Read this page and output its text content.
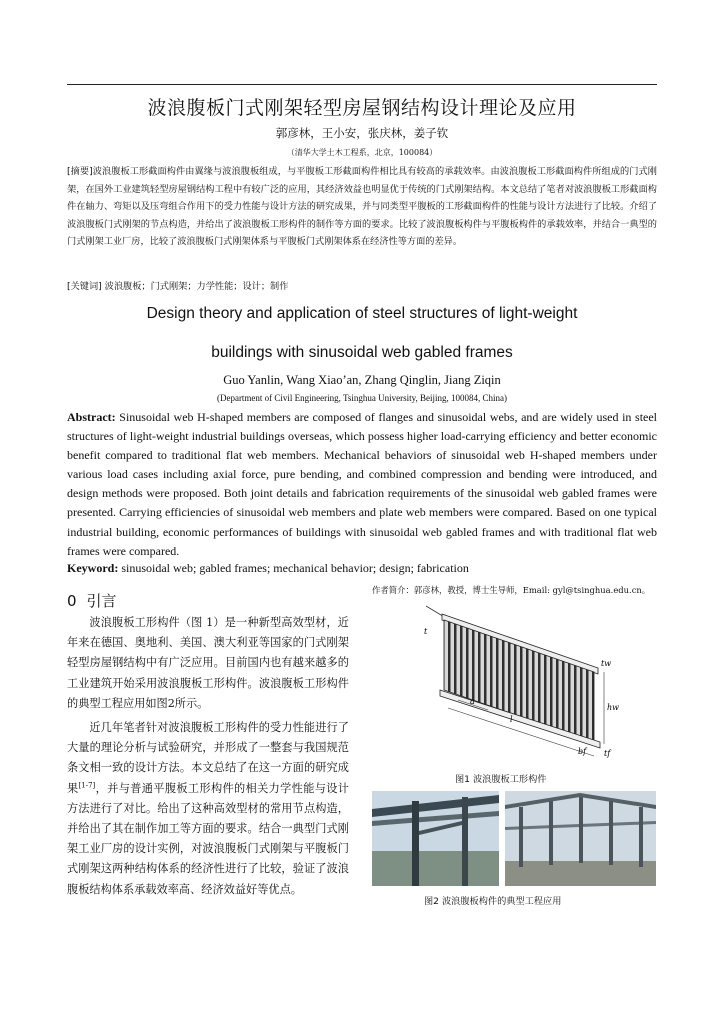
波浪腹板门式刚架轻型房屋钢结构设计理论及应用
郭彦林，王小安，张庆林，姜子钦
（清华大学土木工程系，北京，100084）
[摘要]波浪腹板工形截面构件由翼缘与波浪腹板组成，与平腹板工形截面构件相比具有较高的承载效率。由波浪腹板工形截面构件所组成的门式刚架，在国外工业建筑轻型房屋钢结构工程中有较广泛的应用，其经济效益也明显优于传统的门式刚架结构。本文总结了笔者对波浪腹板工形截面构件在轴力、弯矩以及压弯组合作用下的受力性能与设计方法的研究成果，并与同类型平腹板的工形截面构件的性能与设计方法进行了比较。介绍了波浪腹板门式刚架的节点构造，并给出了波浪腹板工形构件的制作等方面的要求。比较了波浪腹板构件与平腹板构件的承载效率，并结合一典型的门式刚架工业厂房，比较了波浪腹板门式刚架体系与平腹板门式刚架体系在经济性等方面的差异。
[关键词] 波浪腹板；门式刚架；力学性能；设计；制作
Design theory and application of steel structures of light-weight
buildings with sinusoidal web gabled frames
Guo Yanlin, Wang Xiao’an, Zhang Qinglin, Jiang Ziqin
(Department of Civil Engineering, Tsinghua University, Beijing, 100084, China)
Abstract: Sinusoidal web H-shaped members are composed of flanges and sinusoidal webs, and are widely used in steel structures of light-weight industrial buildings overseas, which possess higher load-carrying efficiency and better economic benefit compared to traditional flat web members. Mechanical behaviors of sinusoidal web H-shaped members under various load cases including axial force, pure bending, and combined compression and bending were introduced, and design methods were proposed. Both joint details and fabrication requirements of the sinusoidal web gabled frames were presented. Carrying efficiencies of sinusoidal web members and plate web members were compared. Based on one typical industrial building, economic performances of buildings with sinusoidal web gabled frames and with traditional flat web frames were compared.
Keyword: sinusoidal web; gabled frames; mechanical behavior; design; fabrication
0 引言
作者简介：郭彦林，教授，博士生导师，Email: gyl@tsinghua.edu.cn。

波浪腹板工形构件（图 1）是一种新型高效型材，近年来在德国、奥地利、美国、澳大利亚等国家的门式刚架轻型房屋钢结构中有广泛应用。目前国内也有越来越多的工业建筑开始采用波浪腹板工形构件。波浪腹板工形构件的典型工程应用如图2所示。

近几年笔者针对波浪腹板工形构件的受力性能进行了大量的理论分析与试验研究，并形成了一整套与我国规范条文相一致的设计方法。本文总结了在这一方面的研究成果[1-7]，并与普通平腹板工形构件的相关力学性能与设计方法进行了对比。给出了这种高效型材的常用节点构造，并给出了其在制作加工等方面的要求。结合一典型门式刚架工业厂房的设计实例，对波浪腹板门式刚架与平腹板门式刚架这两种结构体系的经济性进行了比较，验证了波浪腹板结构体系承载效率高、经济效益好等优点。

t
a
l
hw
tw
bf tf
图1 波浪腹板工形构件
图2 波浪腹板构件的典型工程应用
